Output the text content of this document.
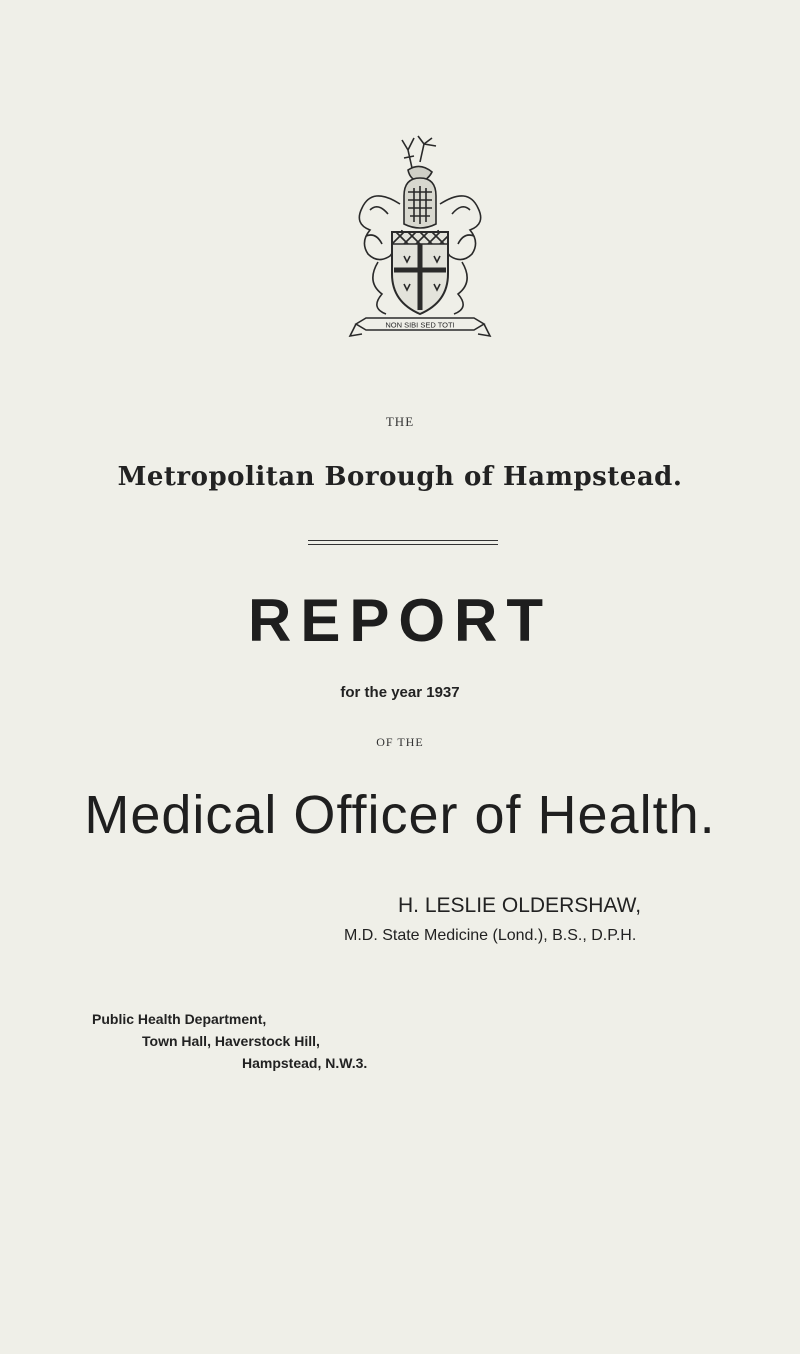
NON SIBI SED TOTI
THE
Metropolitan Borough of Hampstead.
REPORT
for the year 1937
OF THE
Medical Officer of Health.
H. LESLIE OLDERSHAW,
M.D. State Medicine (Lond.), B.S., D.P.H.
Public Health Department,
Town Hall, Haverstock Hill,
Hampstead, N.W.3.
